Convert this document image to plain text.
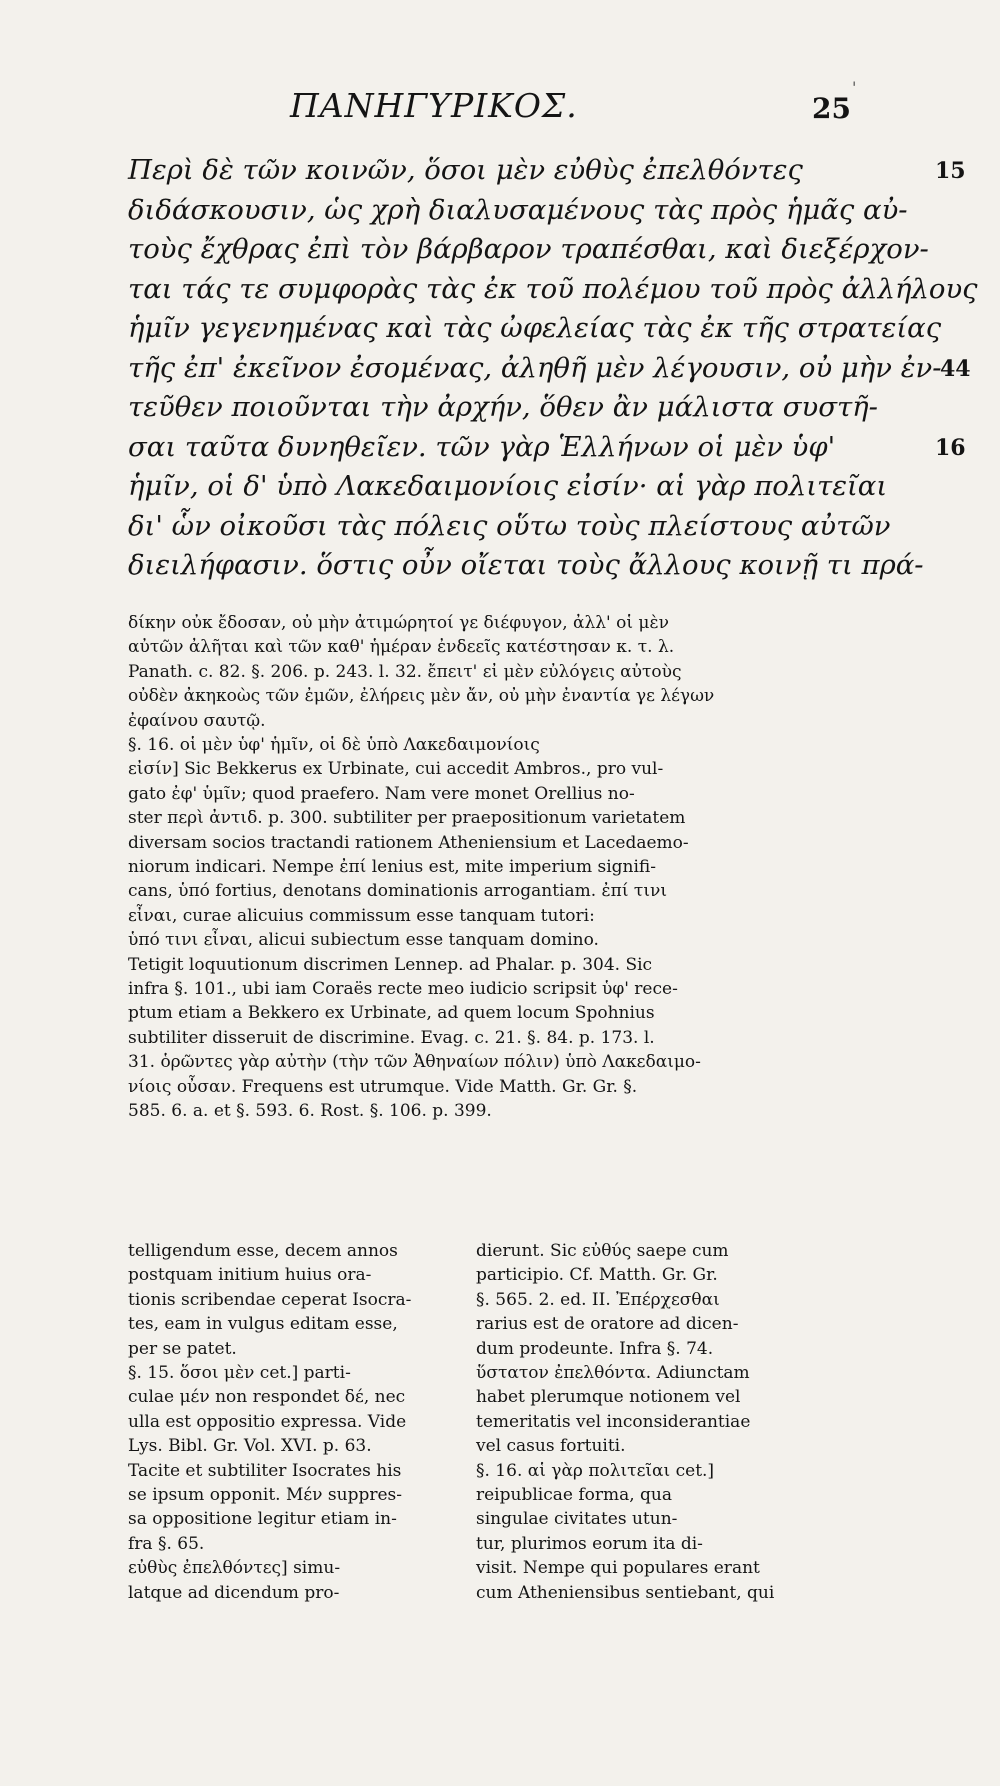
ΠΑΝΗΓΥΡΙΚΟΣ.	25
'
Περὶ δὲ τῶν κοινῶν, ὅσοι μὲν εὐθὺς ἐπελθόντες	15
διδάσκουσιν, ὡς χρὴ διαλυσαμένους τὰς πρὸς ἡμᾶς αὐ-
τοὺς ἔχθρας ἐπὶ τὸν βάρβαρον τραπέσθαι, καὶ διεξέρχον-
ται τάς τε συμφορὰς τὰς ἐκ τοῦ πολέμου τοῦ πρὸς ἀλλήλους
ἡμῖν γεγενημένας καὶ τὰς ὠφελείας τὰς ἐκ τῆς στρατείας
τῆς ἐπ' ἐκεῖνον ἐσομένας, ἀληθῆ μὲν λέγουσιν, οὐ μὴν ἐν-
44
τεῦθεν ποιοῦνται τὴν ἀρχήν, ὅθεν ἂν μάλιστα συστῆ-
σαι ταῦτα δυνηθεῖεν. τῶν γὰρ Ἑλλήνων οἱ μὲν ὑφ'	16
ἡμῖν, οἱ δ' ὑπὸ Λακεδαιμονίοις εἰσίν· αἱ γὰρ πολιτεῖαι
δι' ὧν οἰκοῦσι τὰς πόλεις οὕτω τοὺς πλείστους αὐτῶν
διειλήφασιν. ὅστις οὖν οἴεται τοὺς ἄλλους κοινῇ τι πρά-
δίκην οὐκ ἔδοσαν, οὐ μὴν ἀτιμώρητοί γε διέφυγον, ἀλλ' οἱ μὲν
αὐτῶν ἀλῆται καὶ τῶν καθ' ἡμέραν ἐνδεεῖς κατέστησαν κ. τ. λ.
Panath. c. 82. §. 206. p. 243. l. 32. ἔπειτ' εἰ μὲν εὐλόγεις αὐτοὺς
οὐδὲν ἀκηκοὼς τῶν ἐμῶν, ἐλήρεις μὲν ἄν, οὐ μὴν ἐναντία γε λέγων
ἐφαίνου σαυτῷ.
§. 16. οἱ μὲν ὑφ' ἡμῖν, οἱ δὲ ὑπὸ Λακεδαιμονίοις
εἰσίν] Sic Bekkerus ex Urbinate, cui accedit Ambros., pro vul-
gato ἐφ' ὑμῖν; quod praefero. Nam vere monet Orellius no-
ster περὶ ἀντιδ. p. 300. subtiliter per praepositionum varietatem
diversam socios tractandi rationem Atheniensium et Lacedaemo-
niorum indicari. Nempe ἐπί lenius est, mite imperium signifi-
cans, ὑπό fortius, denotans dominationis arrogantiam. ἐπί τινι
εἶναι, curae alicuius commissum esse tanquam tutori:
ὑπό τινι εἶναι, alicui subiectum esse tanquam domino.
Tetigit loquutionum discrimen Lennep. ad Phalar. p. 304. Sic
infra §. 101., ubi iam Coraës recte meo iudicio scripsit ὑφ' rece-
ptum etiam a Bekkero ex Urbinate, ad quem locum Spohnius
subtiliter disseruit de discrimine. Evag. c. 21. §. 84. p. 173. l.
31. ὁρῶντες γὰρ αὐτὴν (τὴν τῶν Ἀθηναίων πόλιν) ὑπὸ Λακεδαιμο-
νίοις οὖσαν. Frequens est utrumque. Vide Matth. Gr. Gr. §.
585. 6. a. et §. 593. 6. Rost. §. 106. p. 399.
telligendum esse, decem annos
postquam initium huius ora-
tionis scribendae ceperat Isocra-
tes, eam in vulgus editam esse,
per se patet.
§. 15. ὅσοι μὲν cet.] parti-
culae μέν non respondet δέ, nec
ulla est oppositio expressa. Vide
Lys. Bibl. Gr. Vol. XVI. p. 63.
Tacite et subtiliter Isocrates his
se ipsum opponit. Μέν suppres-
sa oppositione legitur etiam in-
fra §. 65.
εὐθὺς ἐπελθόντες] simu-
latque ad dicendum pro-
dierunt. Sic εὐθύς saepe cum
participio. Cf. Matth. Gr. Gr.
§. 565. 2. ed. II. Ἐπέρχεσθαι
rarius est de oratore ad dicen-
dum prodeunte. Infra §. 74.
ὕστατον ἐπελθόντα. Adiunctam
habet plerumque notionem vel
temeritatis vel inconsiderantiae
vel casus fortuiti.
§. 16. αἱ γὰρ πολιτεῖαι cet.]
reipublicae forma, qua
singulae civitates utun-
tur, plurimos eorum ita di-
visit. Nempe qui populares erant
cum Atheniensibus sentiebant, qui
